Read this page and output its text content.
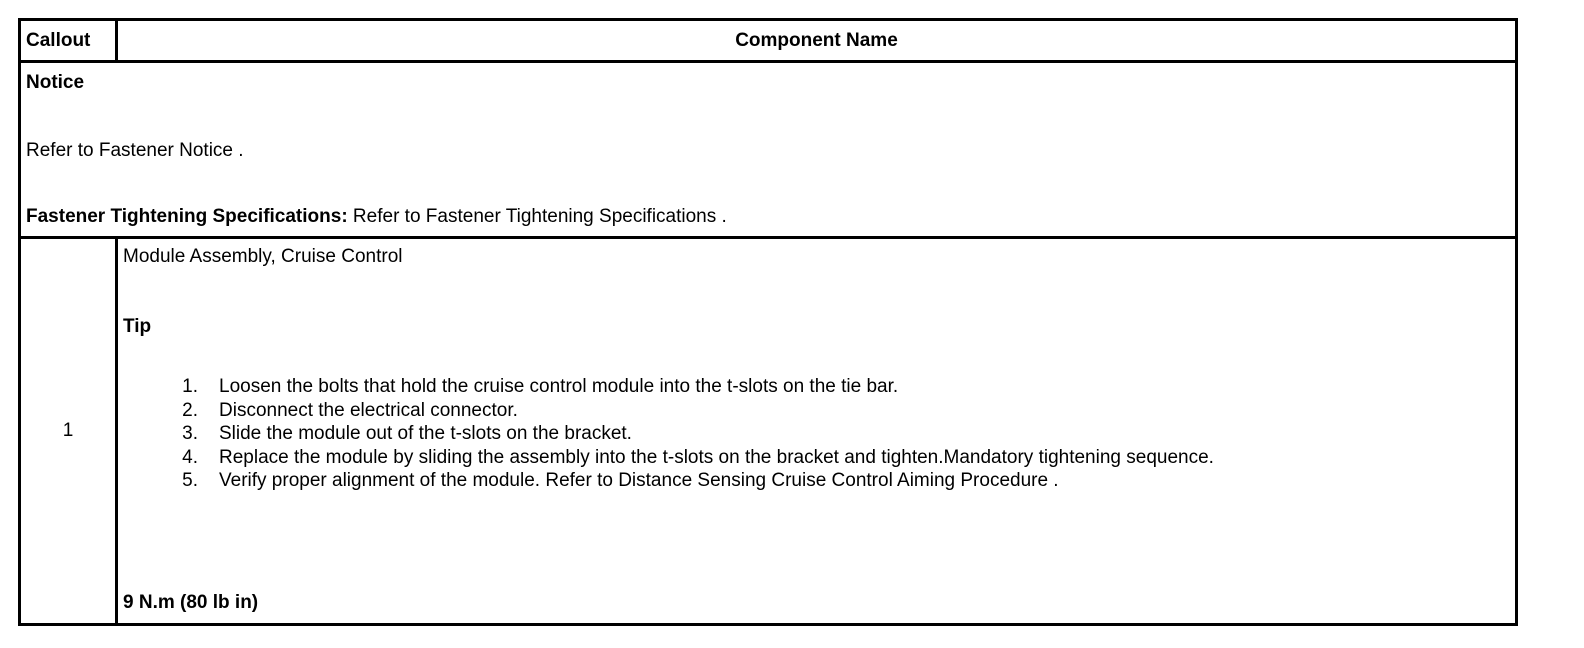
Callout	Component Name
Notice
Refer to Fastener Notice .
Fastener Tightening Specifications: Refer to Fastener Tightening Specifications .
1
Module Assembly, Cruise Control
Tip
1. Loosen the bolts that hold the cruise control module into the t-slots on the tie bar.
2. Disconnect the electrical connector.
3. Slide the module out of the t-slots on the bracket.
4. Replace the module by sliding the assembly into the t-slots on the bracket and tighten.Mandatory tightening sequence.
5. Verify proper alignment of the module. Refer to Distance Sensing Cruise Control Aiming Procedure .
9 N.m (80 lb in)
